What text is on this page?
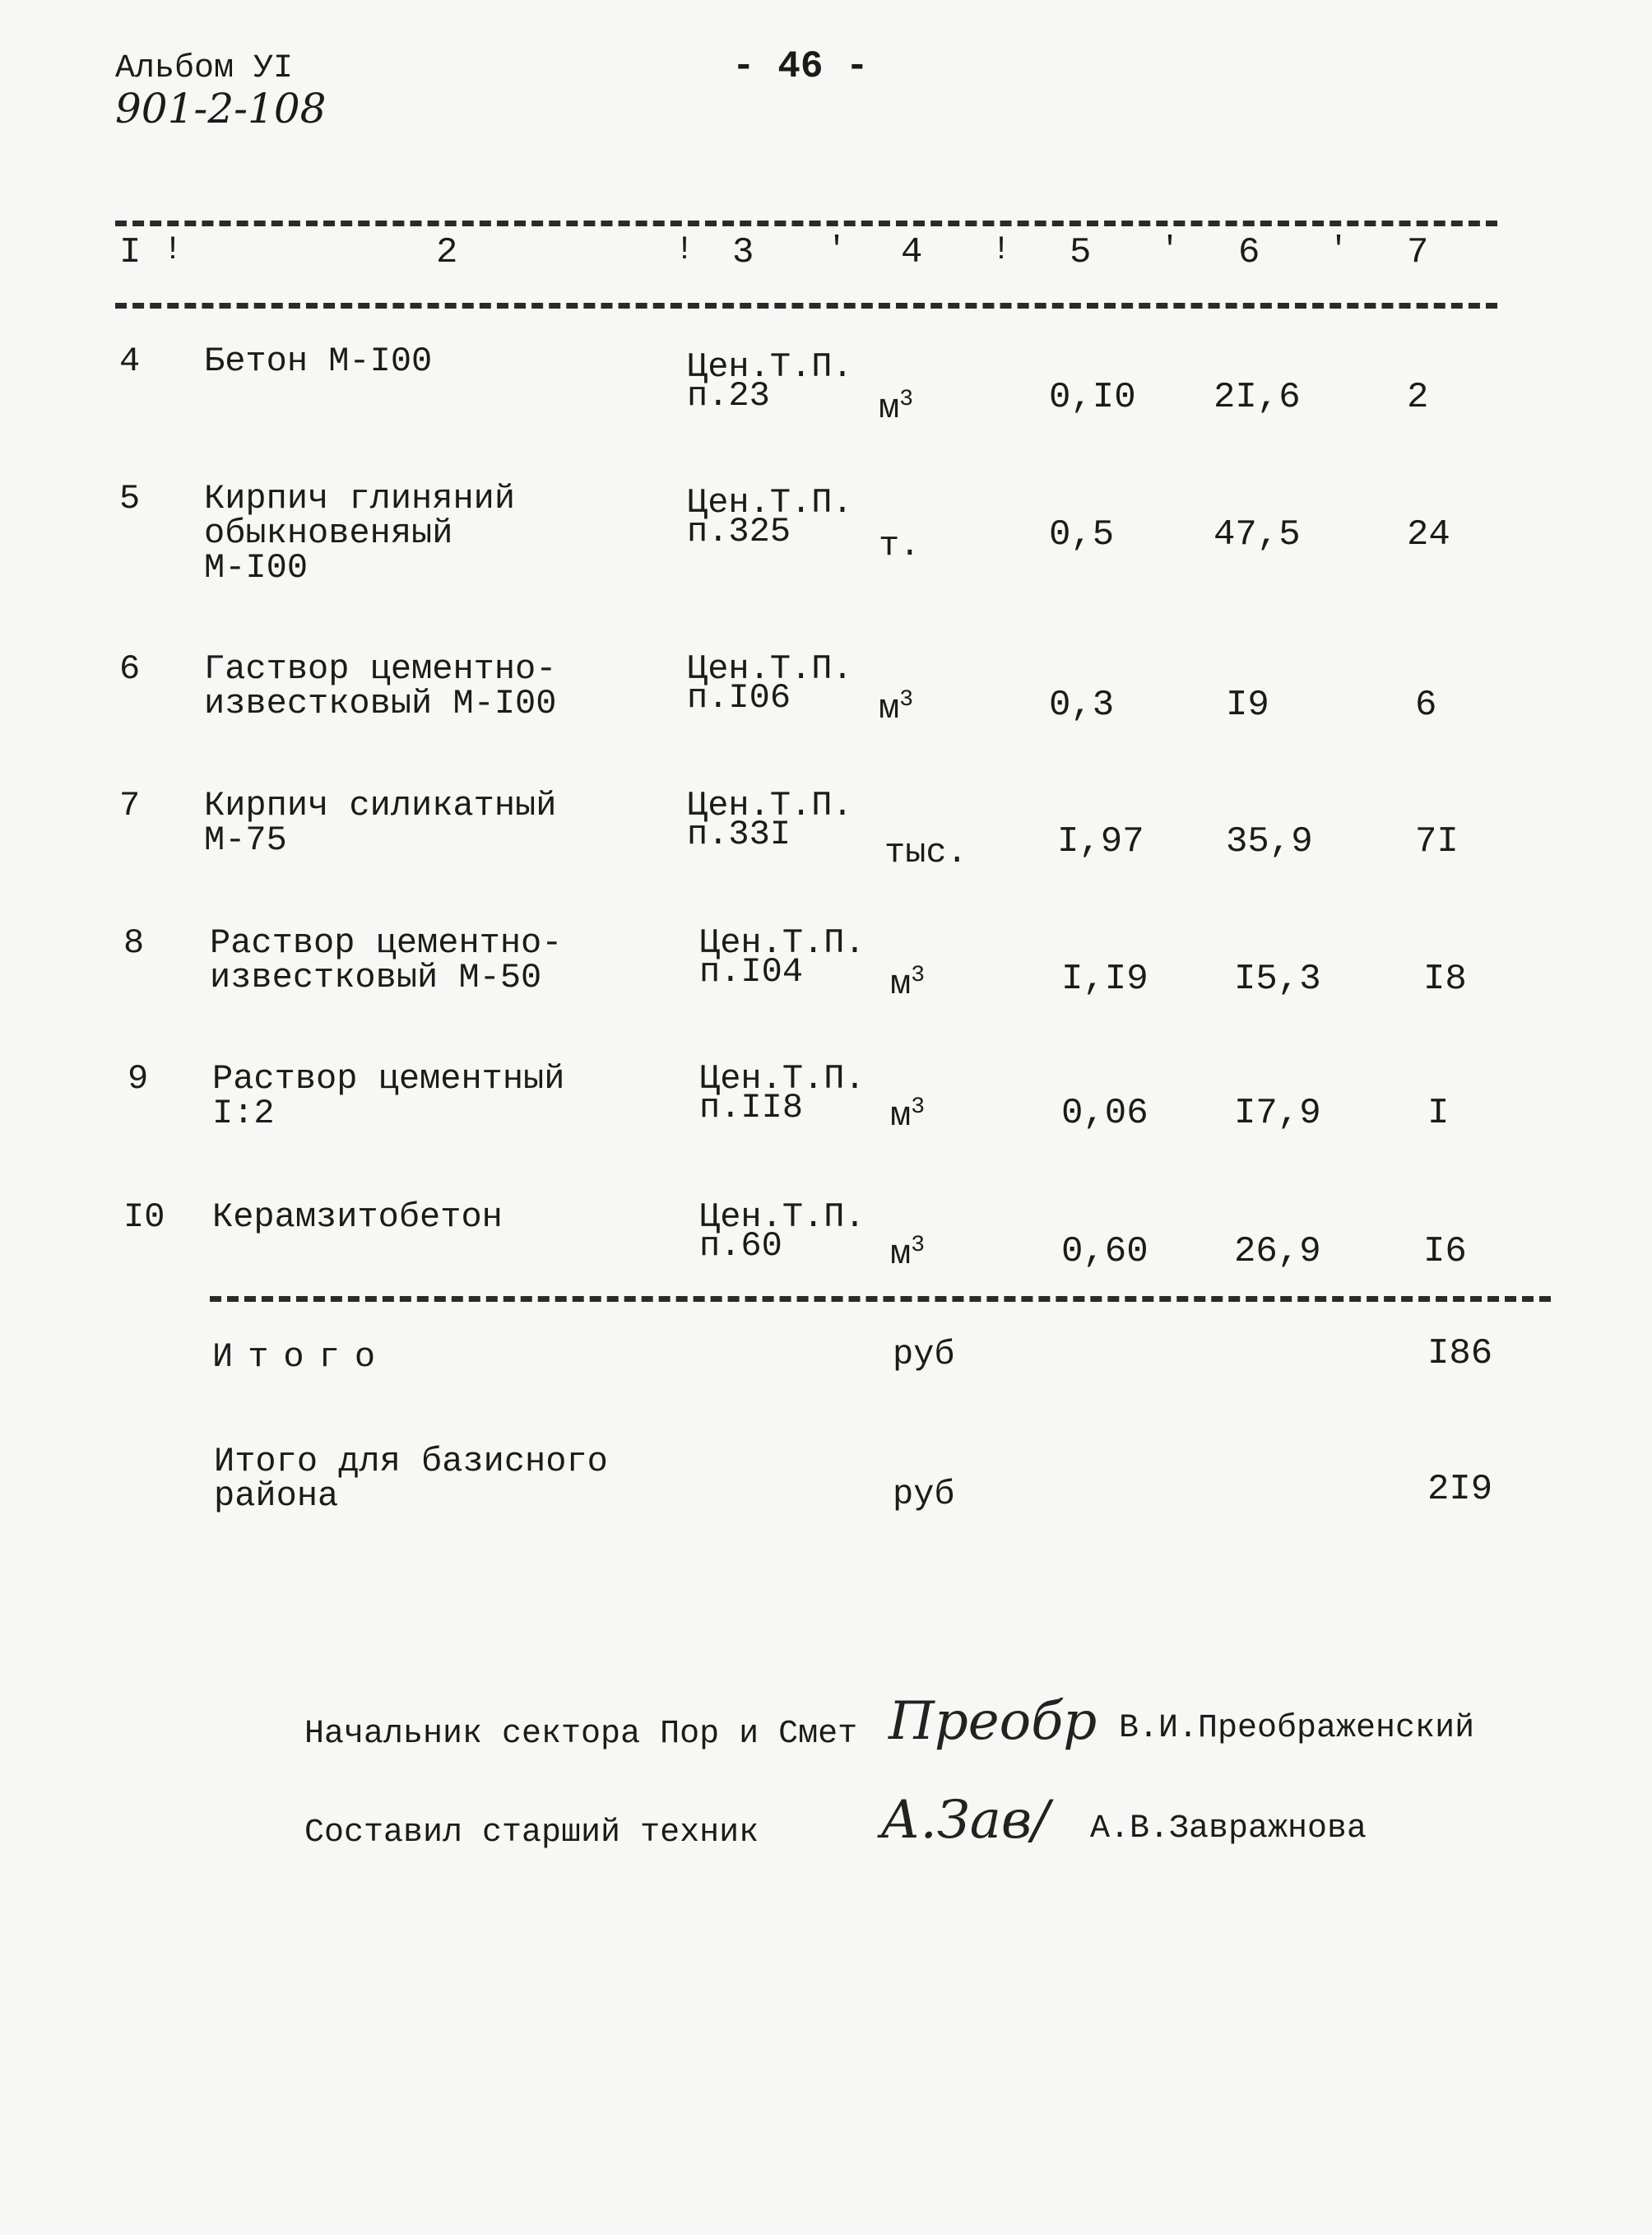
Альбом УI
901-2-108
- 46 -
I !	2	! 3 ' 4 ! 5 ' 6 ' 7
4 Бетон М-I00	Цен.Т.П.
п.23	$м^3$	0,I0 2I,6	2
5 Кирпич глиняний
обыкновеняый
М-I00
Цен.Т.П.
п.325	т.	0,5	47,5	24
6 Гаствор цементно-
известковый М-I00
Цен.Т.П.
п.I06	$м^3$	0,3	I9	6
7 Кирпич силикатный
М-75
Цен.Т.П.
п.33I	тыс. I,97 35,9	7I
8 Раствор цементно-
известковый М-50
Цен.Т.П.
п.I04	$м^3$	I,I9 I5,3	I8
9 Раствор цементный
I:2
Цен.Т.П.
п.II8	$м^3$	0,06 I7,9	I
I0 Керамзитобетон	Цен.Т.П.
п.60	$м^3$	0,60 26,9	I6
Итого	руб	I86
Итого для базисного
района	руб	2I9
Начальник сектора Пор и Смет Преобр В.И.Преображенский
Составил старший техник А.Зав/ А.В.Завражнова
